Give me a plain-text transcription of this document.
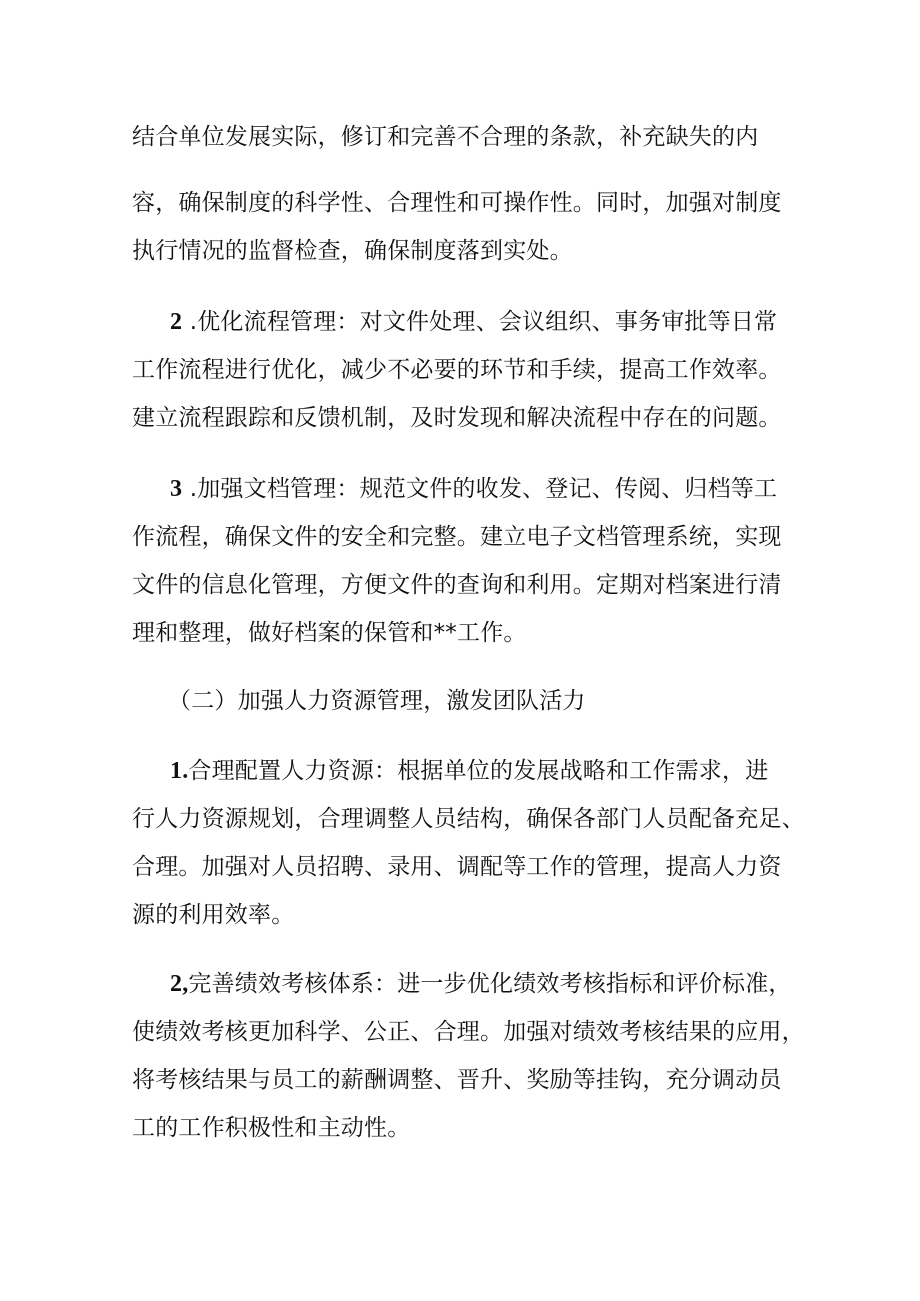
结合单位发展实际，修订和完善不合理的条款，补充缺失的内
容，确保制度的科学性、合理性和可操作性。同时，加强对制度
执行情况的监督检查，确保制度落到实处。
2 .优化流程管理：对文件处理、会议组织、事务审批等日常
工作流程进行优化，减少不必要的环节和手续，提高工作效率。
建立流程跟踪和反馈机制，及时发现和解决流程中存在的问题。
3 .加强文档管理：规范文件的收发、登记、传阅、归档等工
作流程，确保文件的安全和完整。建立电子文档管理系统，实现
文件的信息化管理，方便文件的查询和利用。定期对档案进行清
理和整理，做好档案的保管和**工作。
（二）加强人力资源管理，激发团队活力
1.合理配置人力资源：根据单位的发展战略和工作需求，进
行人力资源规划，合理调整人员结构，确保各部门人员配备充足、
合理。加强对人员招聘、录用、调配等工作的管理，提高人力资
源的利用效率。
2,完善绩效考核体系：进一步优化绩效考核指标和评价标准，
使绩效考核更加科学、公正、合理。加强对绩效考核结果的应用，
将考核结果与员工的薪酬调整、晋升、奖励等挂钩，充分调动员
工的工作积极性和主动性。
